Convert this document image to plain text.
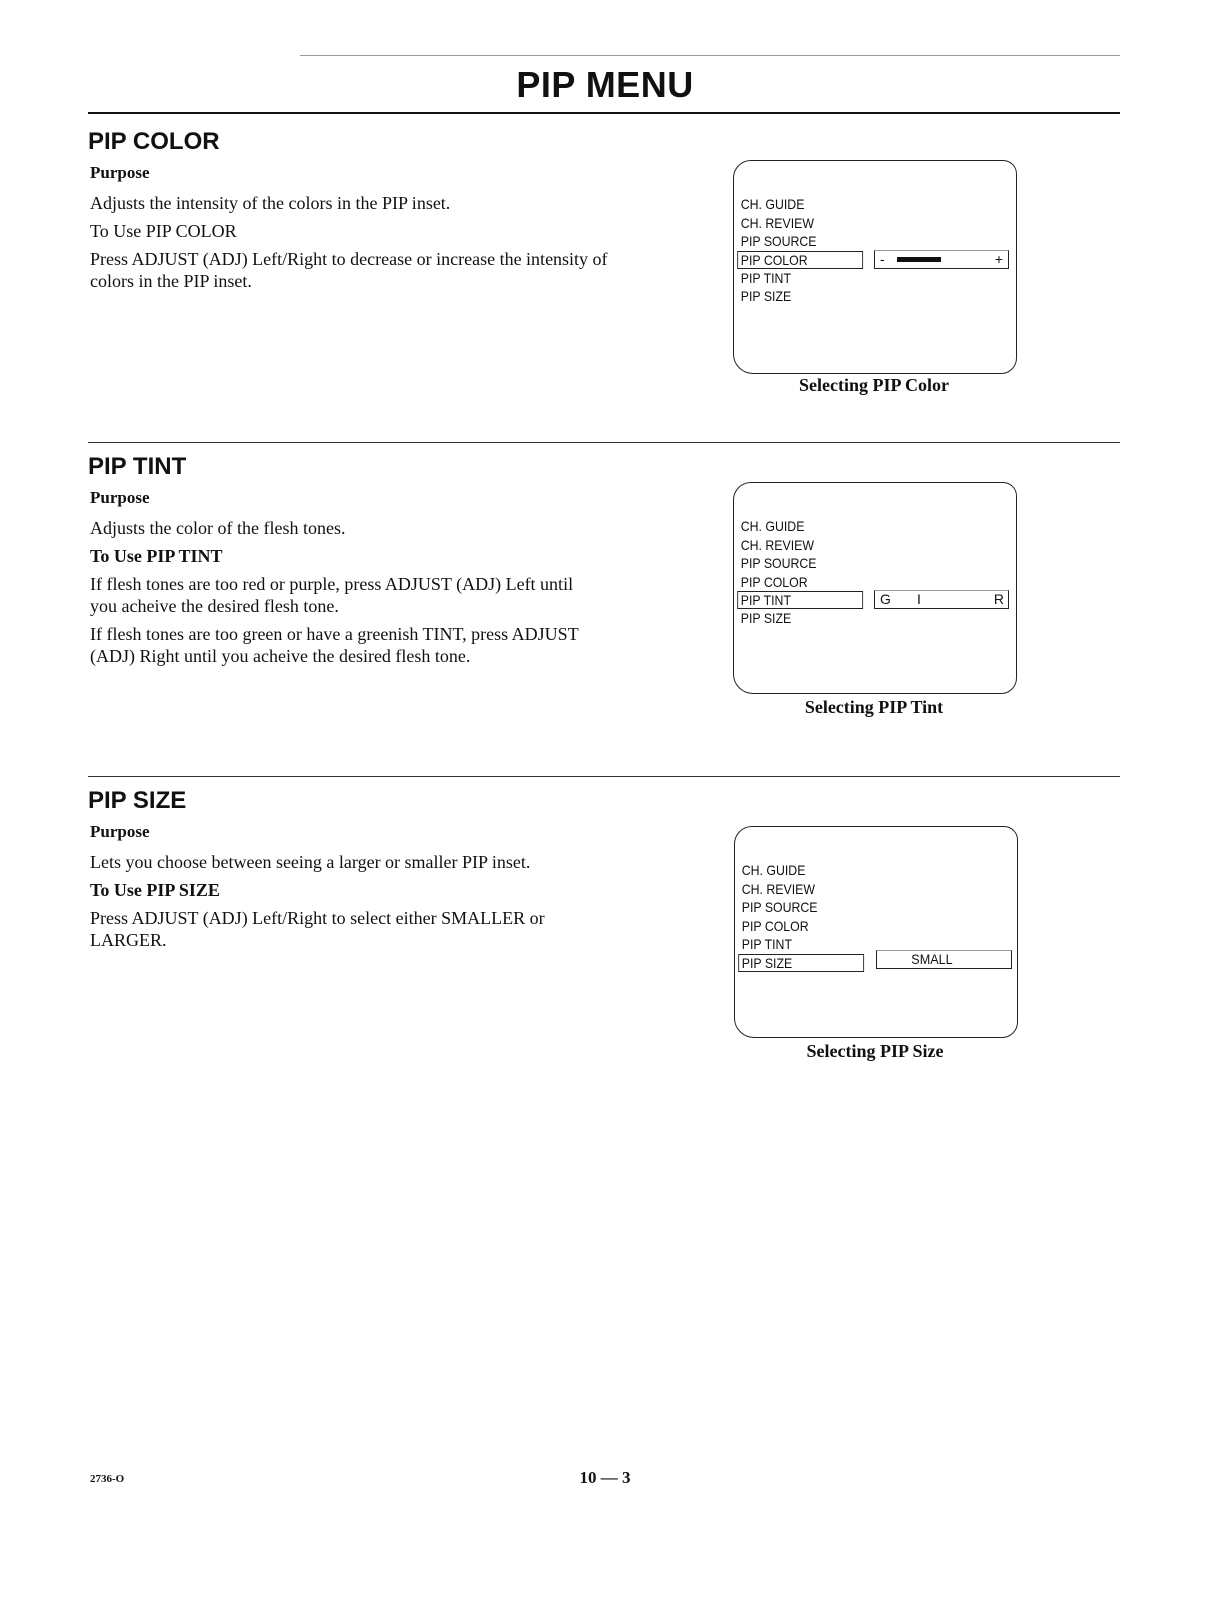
PIP MENU
PIP COLOR

Purpose

Adjusts the intensity of the colors in the PIP inset.

To Use PIP COLOR

Press ADJUST (ADJ) Left/Right to decrease or increase the intensity of colors in the PIP inset.

CH. GUIDE
CH. REVIEW
PIP SOURCE
PIP COLOR
PIP TINT
PIP SIZE
-	+
Selecting PIP Color
PIP TINT

Purpose

Adjusts the color of the flesh tones.

To Use PIP TINT

If flesh tones are too red or purple, press ADJUST (ADJ) Left until you acheive the desired flesh tone.

If flesh tones are too green or have a greenish TINT, press ADJUST (ADJ) Right until you acheive the desired flesh tone.

CH. GUIDE
CH. REVIEW
PIP SOURCE
PIP COLOR
PIP TINT
PIP SIZE
G I	R
Selecting PIP Tint
PIP SIZE

Purpose

Lets you choose between seeing a larger or smaller PIP inset.

To Use PIP SIZE

Press ADJUST (ADJ) Left/Right to select either SMALLER or LARGER.

CH. GUIDE
CH. REVIEW
PIP SOURCE
PIP COLOR
PIP TINT
PIP SIZE	SMALL
Selecting PIP Size
2736-O	10 — 3
